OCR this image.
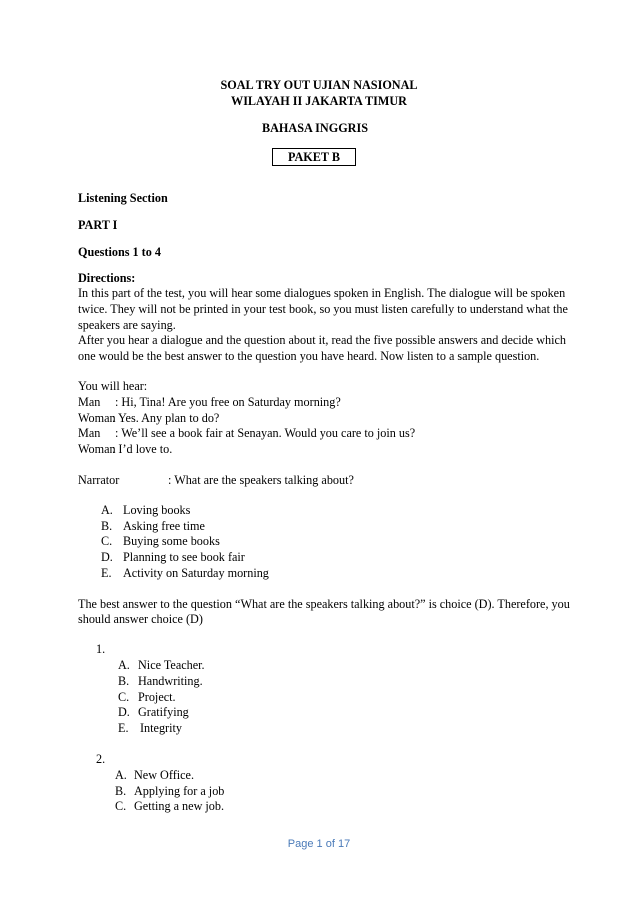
SOAL TRY OUT UJIAN NASIONAL
WILAYAH II JAKARTA TIMUR
BAHASA INGGRIS
PAKET B
Listening Section
PART I
Questions 1 to 4
Directions:
In this part of the test, you will hear some dialogues spoken in English. The dialogue will be spoken
twice. They will not be printed in your test book, so you must listen carefully to understand what the
speakers are saying.
After you hear a dialogue and the question about it, read the five possible answers and decide which
one would be the best answer to the question you have heard. Now listen to a sample question.
You will hear:
Man : Hi, Tina! Are you free on Saturday morning?
Woman
: Yes. Any plan to do?
Man : We’ll see a book fair at Senayan. Would you care to join us?
Woman
: I’d love to.
Narrator	: What are the speakers talking about?
A. Loving books
B. Asking free time
C. Buying some books
D. Planning to see book fair
E. Activity on Saturday morning
The best answer to the question “What are the speakers talking about?” is choice (D). Therefore, you
should answer choice (D)
1.
A. Nice Teacher.
B. Handwriting.
C. Project.
D. Gratifying
E. Integrity
2.
A. New Office.
B. Applying for a job
C. Getting a new job.
Page 1 of 17
